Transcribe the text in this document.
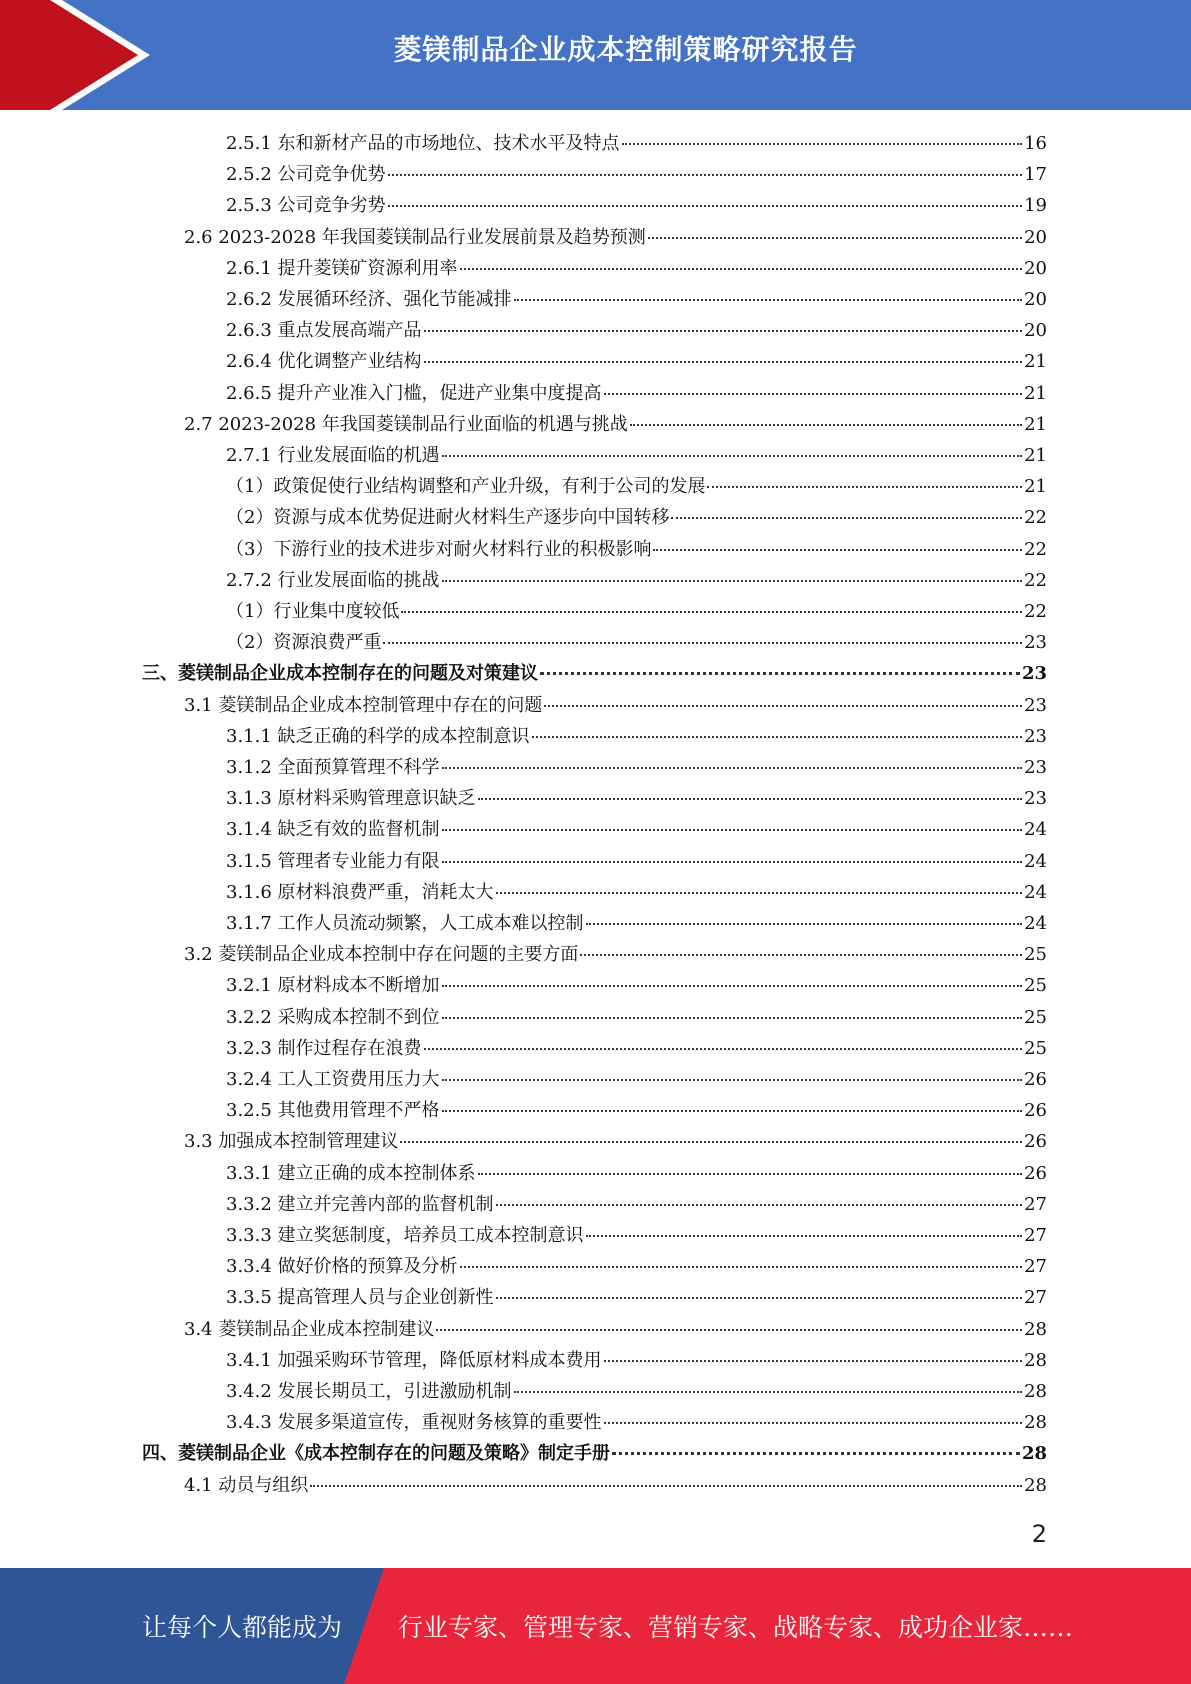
菱镁制品企业成本控制策略研究报告
2.5.1 东和新材产品的市场地位、技术水平及特点	16
2.5.2 公司竞争优势	17
2.5.3 公司竞争劣势	19
2.6 2023-2028 年我国菱镁制品行业发展前景及趋势预测	20
2.6.1 提升菱镁矿资源利用率	20
2.6.2 发展循环经济、强化节能减排	20
2.6.3 重点发展高端产品	20
2.6.4 优化调整产业结构	21
2.6.5 提升产业准入门槛，促进产业集中度提高	21
2.7 2023-2028 年我国菱镁制品行业面临的机遇与挑战	21
2.7.1 行业发展面临的机遇	21
（1）政策促使行业结构调整和产业升级，有利于公司的发展	21
（2）资源与成本优势促进耐火材料生产逐步向中国转移	22
（3）下游行业的技术进步对耐火材料行业的积极影响	22
2.7.2 行业发展面临的挑战	22
（1）行业集中度较低	22
（2）资源浪费严重	23
三、菱镁制品企业成本控制存在的问题及对策建议	23
3.1 菱镁制品企业成本控制管理中存在的问题	23
3.1.1 缺乏正确的科学的成本控制意识	23
3.1.2 全面预算管理不科学	23
3.1.3 原材料采购管理意识缺乏	23
3.1.4 缺乏有效的监督机制	24
3.1.5 管理者专业能力有限	24
3.1.6 原材料浪费严重，消耗太大	24
3.1.7 工作人员流动频繁，人工成本难以控制	24
3.2 菱镁制品企业成本控制中存在问题的主要方面	25
3.2.1 原材料成本不断增加	25
3.2.2 采购成本控制不到位	25
3.2.3 制作过程存在浪费	25
3.2.4 工人工资费用压力大	26
3.2.5 其他费用管理不严格	26
3.3 加强成本控制管理建议	26
3.3.1 建立正确的成本控制体系	26
3.3.2 建立并完善内部的监督机制	27
3.3.3 建立奖惩制度，培养员工成本控制意识	27
3.3.4 做好价格的预算及分析	27
3.3.5 提高管理人员与企业创新性	27
3.4 菱镁制品企业成本控制建议	28
3.4.1 加强采购环节管理，降低原材料成本费用	28
3.4.2 发展长期员工，引进激励机制	28
3.4.3 发展多渠道宣传，重视财务核算的重要性	28
四、菱镁制品企业《成本控制存在的问题及策略》制定手册	28
4.1 动员与组织	28
2
让每个人都能成为 行业专家、管理专家、营销专家、战略专家、成功企业家……
